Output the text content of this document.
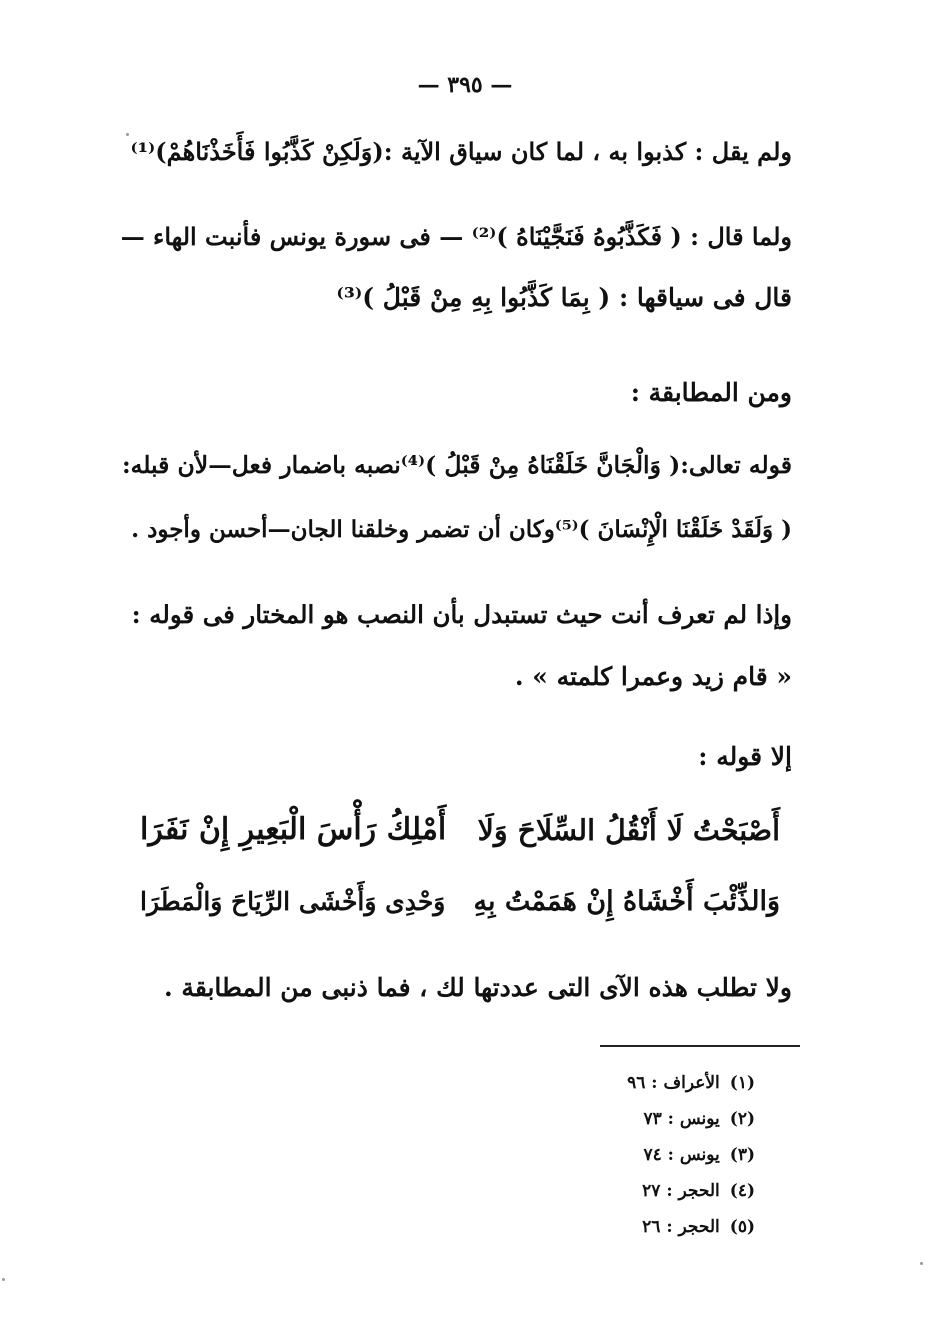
— ٣٩٥ —
ولم يقل : كذبوا به ، لما كان سياق الآية :(وَلَكِنْ كَذَّبُوا فَأَخَذْنَاهُمْ)⁽¹⁾
ولما قال : ( فَكَذَّبُوهُ فَنَجَّيْنَاهُ )⁽²⁾ — فى سورة يونس فأنبت الهاء —
قال فى سياقها : ( بِمَا كَذَّبُوا بِهِ مِنْ قَبْلُ )⁽³⁾
ومن المطابقة :
قوله تعالى:( وَالْجَانَّ خَلَقْنَاهُ مِنْ قَبْلُ )⁽⁴⁾نصبه باضمار فعل—لأن قبله:
( وَلَقَدْ خَلَقْنَا الْإِنْسَانَ )⁽⁵⁾وكان أن تضمر وخلقنا الجان—أحسن وأجود .
وإذا لم تعرف أنت حيث تستبدل بأن النصب هو المختار فى قوله :
« قام زيد وعمرا كلمته » .
إلا قوله :
أَصْبَحْتُ لَا أَنْقُلُ السِّلَاحَ وَلَا
أَمْلِكُ رَأْسَ الْبَعِيرِ إِنْ نَفَرَا
وَالذِّئْبَ أَخْشَاهُ إِنْ هَمَمْتُ بِهِ
وَحْدِى وَأَخْشَى الرِّيَاحَ وَالْمَطَرَا
ولا تطلب هذه الآى التى عددتها لك ، فما ذنبى من المطابقة .
(١)الأعراف : ٩٦
(٢)يونس : ٧٣
(٣)يونس : ٧٤
(٤)الحجر : ٢٧
(٥)الحجر : ٢٦
